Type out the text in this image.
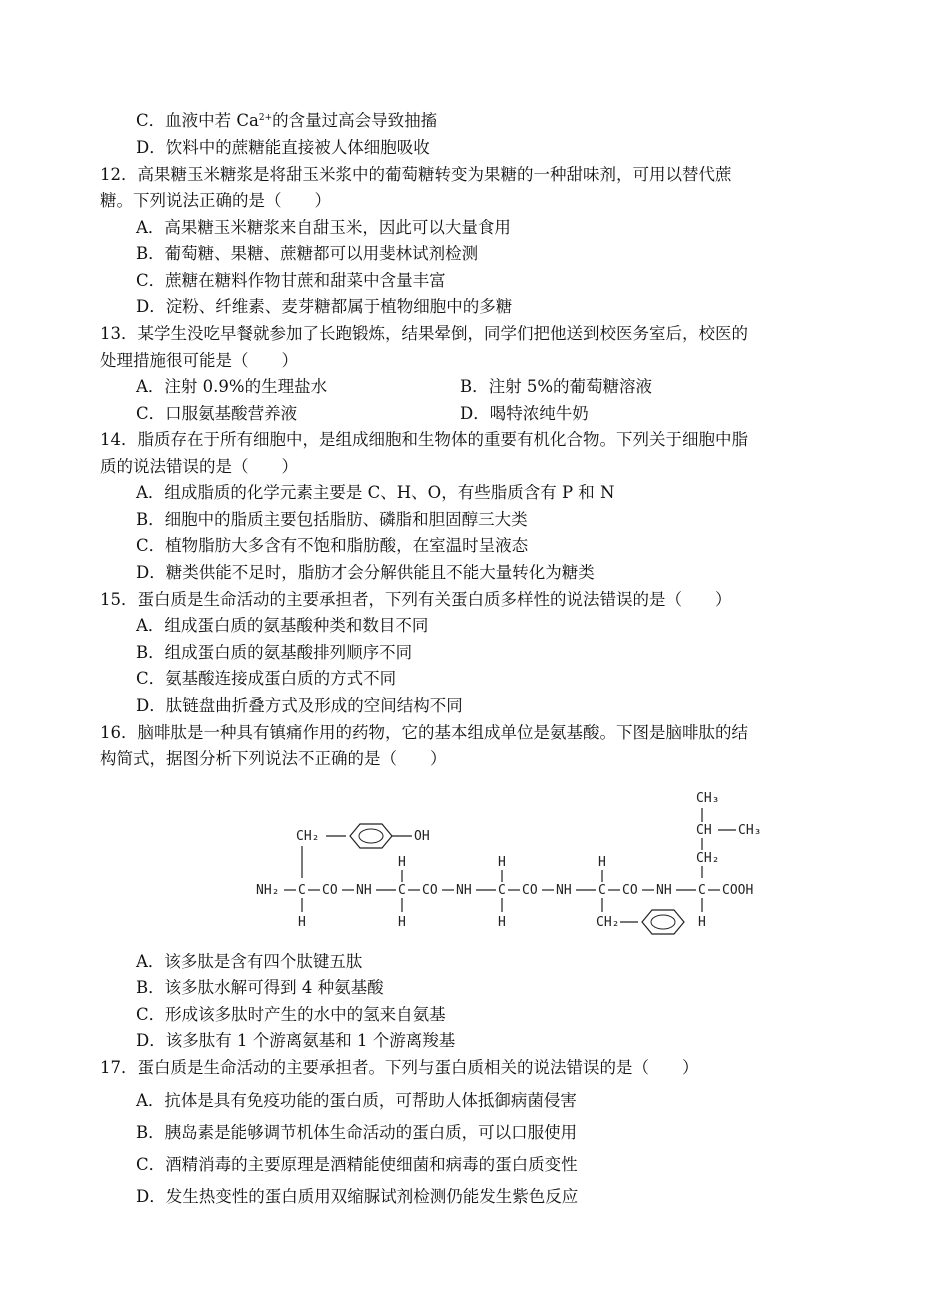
C．血液中若 $Ca^{2+}$的含量过高会导致抽搐
D．饮料中的蔗糖能直接被人体细胞吸收
12．高果糖玉米糖浆是将甜玉米浆中的葡萄糖转变为果糖的一种甜味剂，可用以替代蔗
糖。下列说法正确的是（　　）
A．高果糖玉米糖浆来自甜玉米，因此可以大量食用
B．葡萄糖、果糖、蔗糖都可以用斐林试剂检测
C．蔗糖在糖料作物甘蔗和甜菜中含量丰富
D．淀粉、纤维素、麦芽糖都属于植物细胞中的多糖
13．某学生没吃早餐就参加了长跑锻炼，结果晕倒，同学们把他送到校医务室后，校医的
处理措施很可能是（　　）
A．注射 0.9%的生理盐水	B．注射 5%的葡萄糖溶液
C．口服氨基酸营养液	D．喝特浓纯牛奶
14．脂质存在于所有细胞中，是组成细胞和生物体的重要有机化合物。下列关于细胞中脂
质的说法错误的是（　　）
A．组成脂质的化学元素主要是 C、H、O，有些脂质含有 P 和 N
B．细胞中的脂质主要包括脂肪、磷脂和胆固醇三大类
C．植物脂肪大多含有不饱和脂肪酸，在室温时呈液态
D．糖类供能不足时，脂肪才会分解供能且不能大量转化为糖类
15．蛋白质是生命活动的主要承担者，下列有关蛋白质多样性的说法错误的是（　　）
A．组成蛋白质的氨基酸种类和数目不同
B．组成蛋白质的氨基酸排列顺序不同
C．氨基酸连接成蛋白质的方式不同
D．肽链盘曲折叠方式及形成的空间结构不同
16．脑啡肽是一种具有镇痛作用的药物，它的基本组成单位是氨基酸。下图是脑啡肽的结
构简式，据图分析下列说法不正确的是（　　）
NH₂ C CO NH C CO NH C CO NH C CO NH C COOH
CH₂	OH
H
H
H
H
H
H
CH₂	H
CH₂
CH CH₃
CH₃
A．该多肽是含有四个肽键五肽
B．该多肽水解可得到 4 种氨基酸
C．形成该多肽时产生的水中的氢来自氨基
D．该多肽有 1 个游离氨基和 1 个游离羧基
17．蛋白质是生命活动的主要承担者。下列与蛋白质相关的说法错误的是（　　）
A．抗体是具有免疫功能的蛋白质，可帮助人体抵御病菌侵害
B．胰岛素是能够调节机体生命活动的蛋白质，可以口服使用
C．酒精消毒的主要原理是酒精能使细菌和病毒的蛋白质变性
D．发生热变性的蛋白质用双缩脲试剂检测仍能发生紫色反应
